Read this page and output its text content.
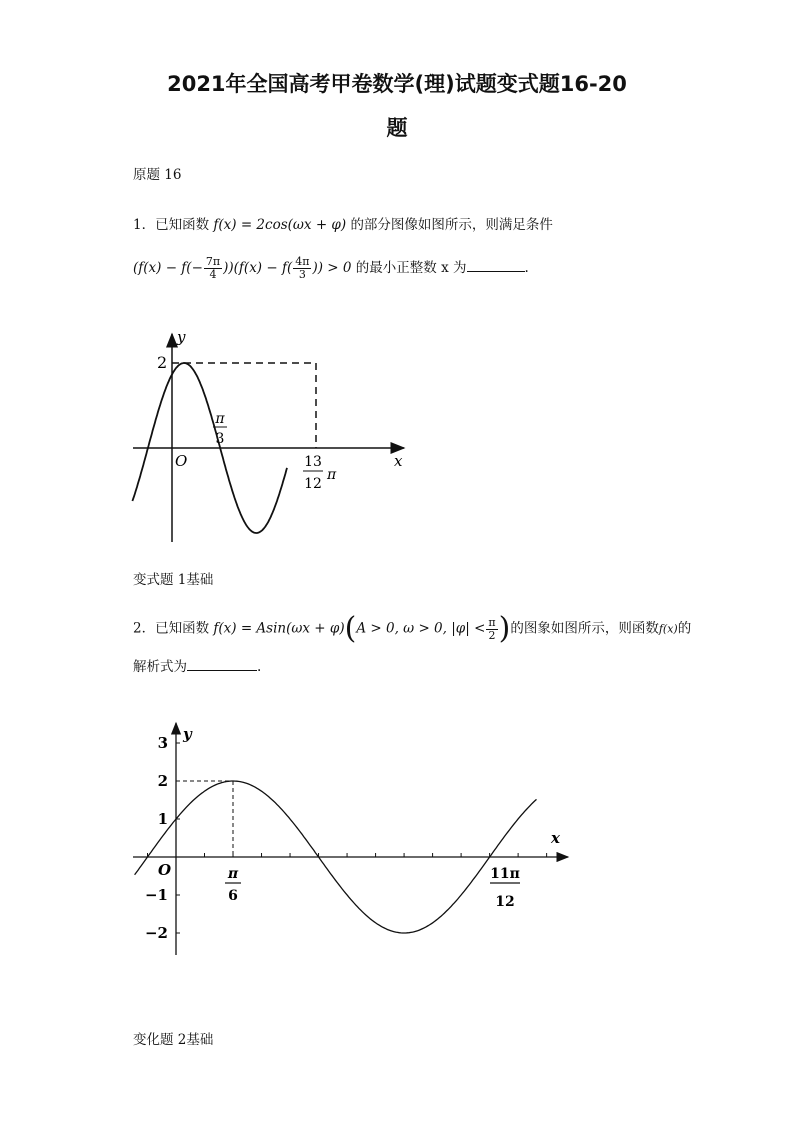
2021年全国高考甲卷数学(理)试题变式题16-20
题
原题 16
1．已知函数 f(x) = 2cos(ωx + φ) 的部分图像如图所示，则满足条件
$(f(x) - f(- \frac{7\pi}{4} ))(f(x) - f( \frac{4\pi}{3}$ )) > 0 的最小正整数 x 为	.
y
x
O
2
π
3
13
12
π
变式题 1基础
2．已知函数 f(x) = Asin(ωx + φ)(A > 0, ω > 0, $|\varphi| < \frac{\pi}{2}$ )的图象如图所示，则函数f(x)的
解析式为	.
y
x
O
3
2
1
−1
−2
π
6
11π
12
变化题 2基础
